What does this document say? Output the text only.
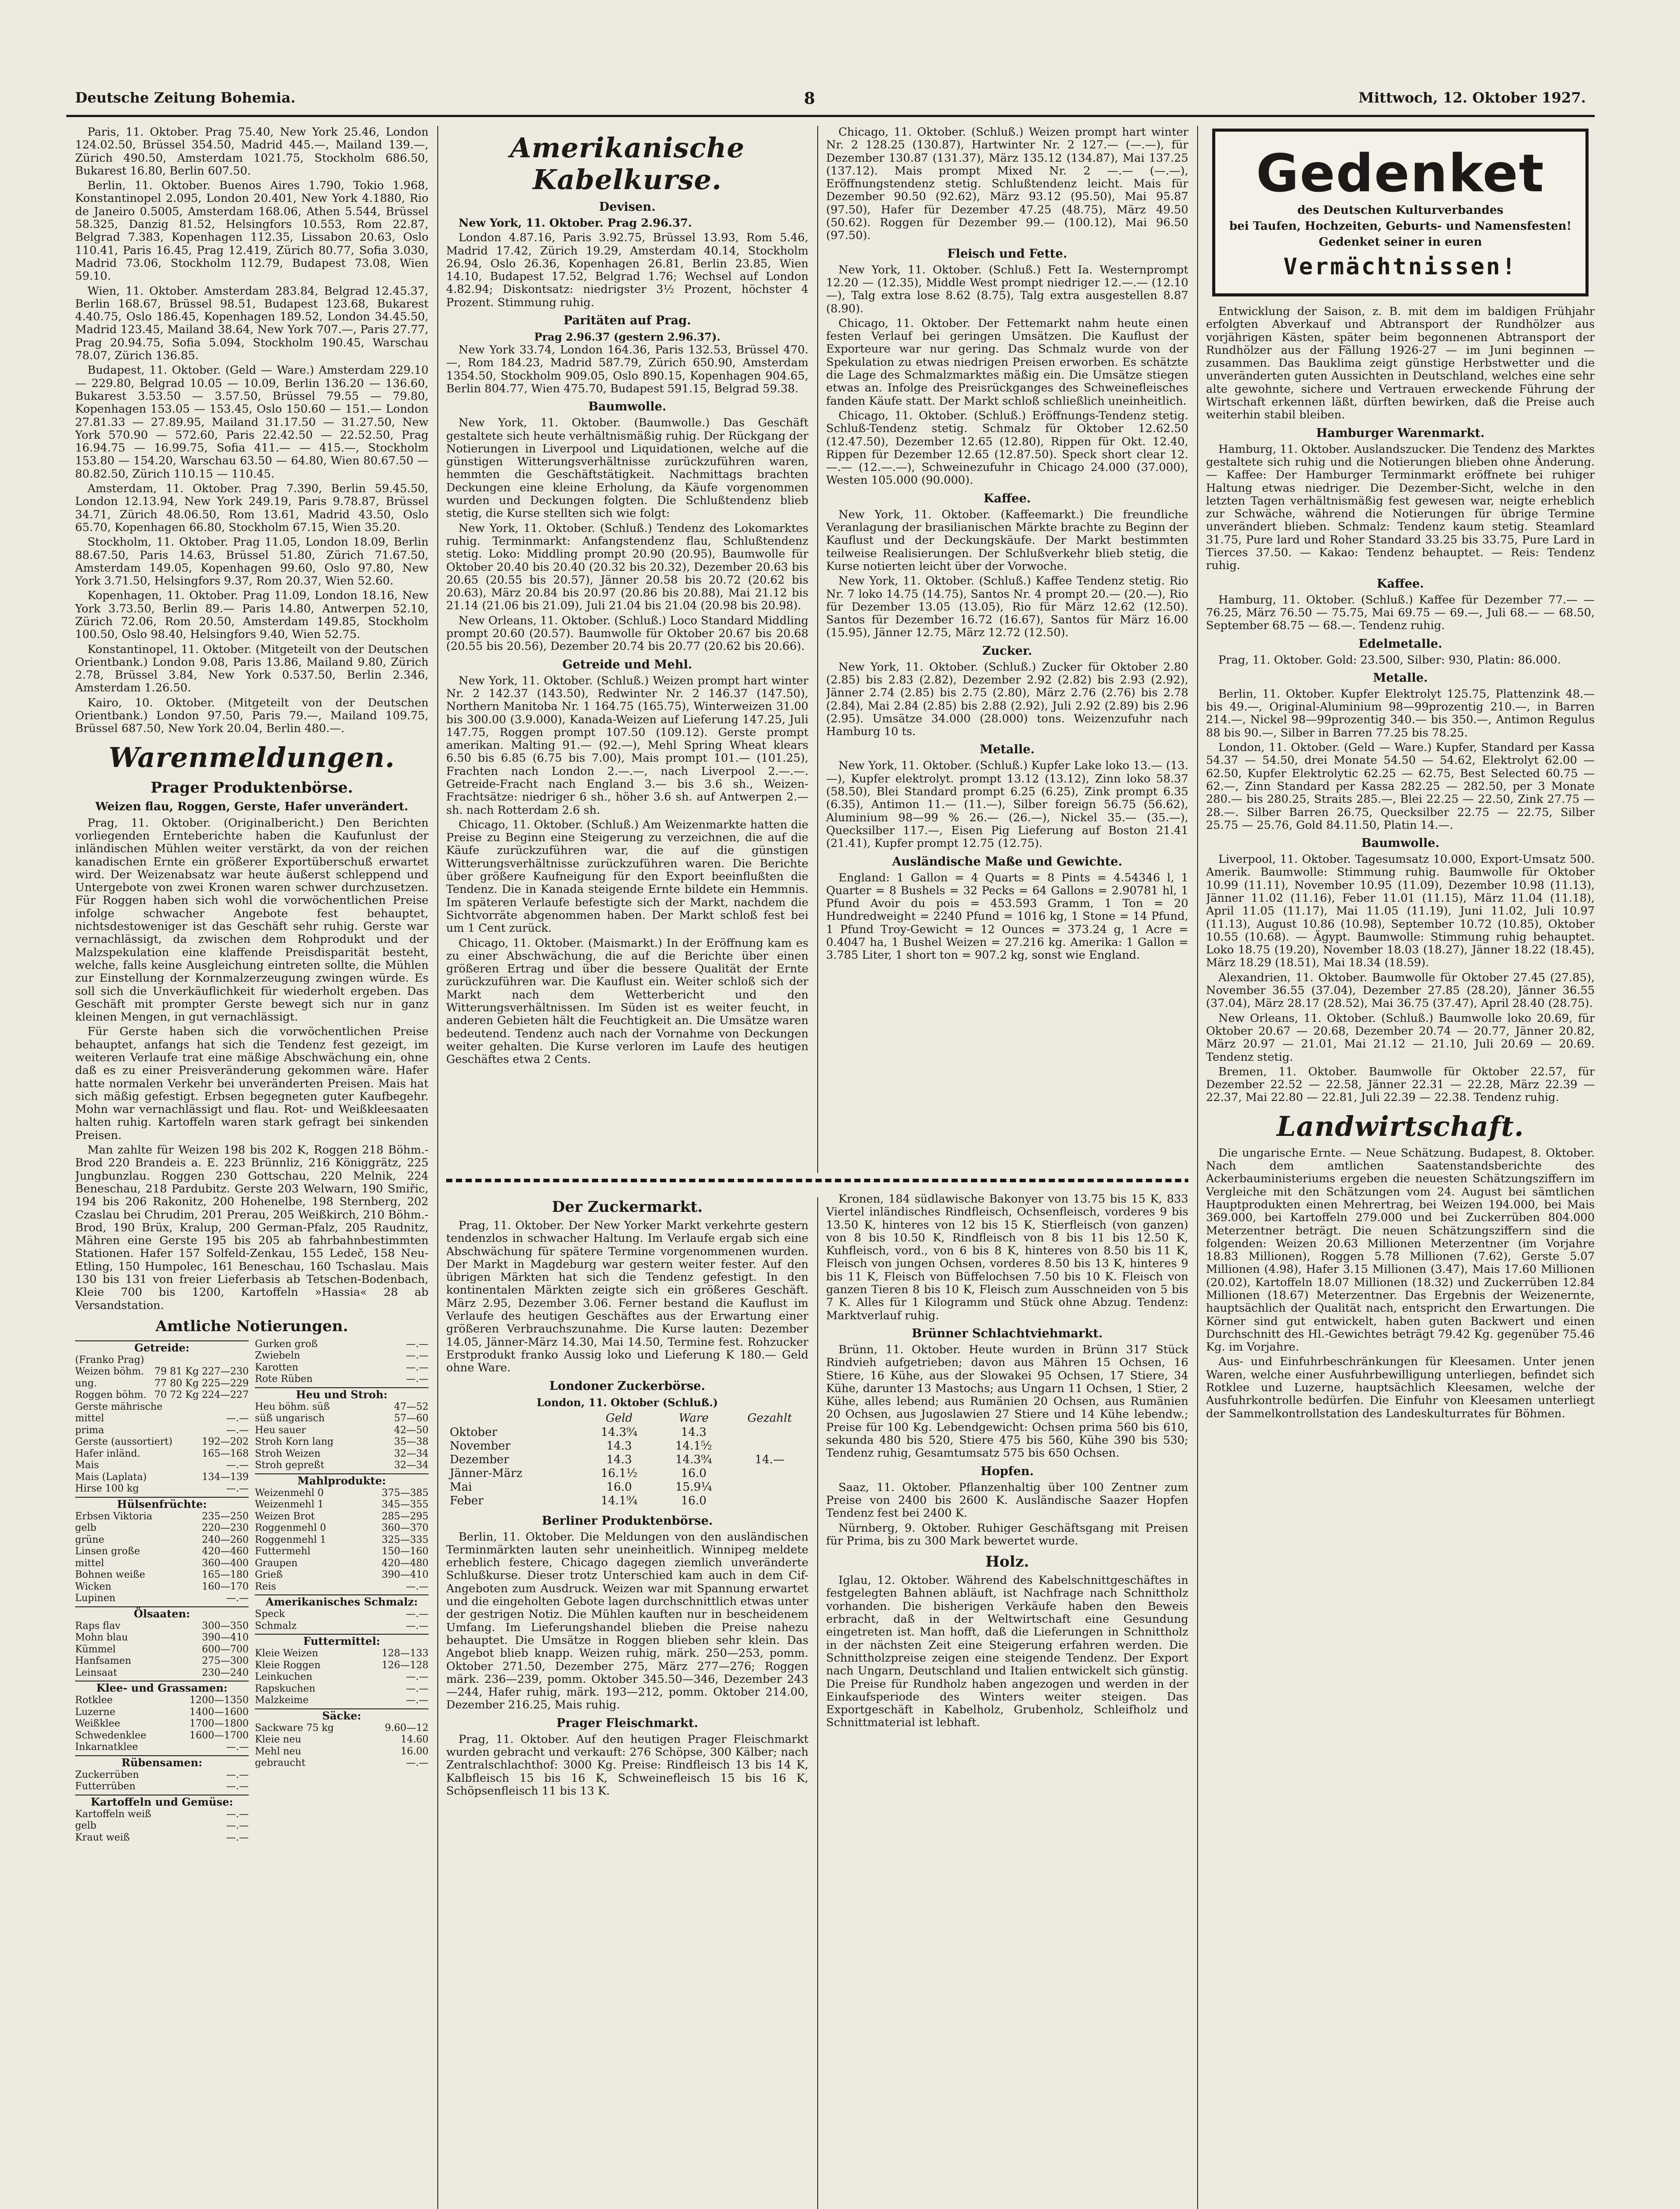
Deutsche Zeitung Bohemia.	8	Mittwoch, 12. Oktober 1927.

Paris, 11. Oktober. Prag 75.40, New York 25.46, London 124.02.50, Brüssel 354.50, Madrid 445.—, Mailand 139.—, Zürich 490.50, Amsterdam 1021.75, Stockholm 686.50, Bukarest 16.80, Berlin 607.50.

Berlin, 11. Oktober. Buenos Aires 1.790, Tokio 1.968, Konstantinopel 2.095, London 20.401, New York 4.1880, Rio de Janeiro 0.5005, Amsterdam 168.06, Athen 5.544, Brüssel 58.325, Danzig 81.52, Helsingfors 10.553, Rom 22.87, Belgrad 7.383, Kopenhagen 112.35, Lissabon 20.63, Oslo 110.41, Paris 16.45, Prag 12.419, Zürich 80.77, Sofia 3.030, Madrid 73.06, Stockholm 112.79, Budapest 73.08, Wien 59.10.

Wien, 11. Oktober. Amsterdam 283.84, Belgrad 12.45.37, Berlin 168.67, Brüssel 98.51, Budapest 123.68, Bukarest 4.40.75, Oslo 186.45, Kopenhagen 189.52, London 34.45.50, Madrid 123.45, Mailand 38.64, New York 707.—, Paris 27.77, Prag 20.94.75, Sofia 5.094, Stockholm 190.45, Warschau 78.07, Zürich 136.85.

Budapest, 11. Oktober. (Geld — Ware.) Amsterdam 229.10 — 229.80, Belgrad 10.05 — 10.09, Berlin 136.20 — 136.60, Bukarest 3.53.50 — 3.57.50, Brüssel 79.55 — 79.80, Kopenhagen 153.05 — 153.45, Oslo 150.60 — 151.— London 27.81.33 — 27.89.95, Mailand 31.17.50 — 31.27.50, New York 570.90 — 572.60, Paris 22.42.50 — 22.52.50, Prag 16.94.75 — 16.99.75, Sofia 411.— — 415.—, Stockholm 153.80 — 154.20, Warschau 63.50 — 64.80, Wien 80.67.50 — 80.82.50, Zürich 110.15 — 110.45.

Amsterdam, 11. Oktober. Prag 7.390, Berlin 59.45.50, London 12.13.94, New York 249.19, Paris 9.78.87, Brüssel 34.71, Zürich 48.06.50, Rom 13.61, Madrid 43.50, Oslo 65.70, Kopenhagen 66.80, Stockholm 67.15, Wien 35.20.

Stockholm, 11. Oktober. Prag 11.05, London 18.09, Berlin 88.67.50, Paris 14.63, Brüssel 51.80, Zürich 71.67.50, Amsterdam 149.05, Kopenhagen 99.60, Oslo 97.80, New York 3.71.50, Helsingfors 9.37, Rom 20.37, Wien 52.60.

Kopenhagen, 11. Oktober. Prag 11.09, London 18.16, New York 3.73.50, Berlin 89.— Paris 14.80, Antwerpen 52.10, Zürich 72.06, Rom 20.50, Amsterdam 149.85, Stockholm 100.50, Oslo 98.40, Helsingfors 9.40, Wien 52.75.

Konstantinopel, 11. Oktober. (Mitgeteilt von der Deutschen Orientbank.) London 9.08, Paris 13.86, Mailand 9.80, Zürich 2.78, Brüssel 3.84, New York 0.537.50, Berlin 2.346, Amsterdam 1.26.50.

Kairo, 10. Oktober. (Mitgeteilt von der Deutschen Orientbank.) London 97.50, Paris 79.—, Mailand 109.75, Brüssel 687.50, New York 20.04, Berlin 480.—.

Warenmeldungen.
Prager Produktenbörse.
Weizen flau, Roggen, Gerste, Hafer unverändert.

Prag, 11. Oktober. (Originalbericht.) Den Berichten vorliegenden Ernteberichte haben die Kaufunlust der inländischen Mühlen weiter verstärkt, da von der reichen kanadischen Ernte ein größerer Exportüberschuß erwartet wird. Der Weizenabsatz war heute äußerst schleppend und Untergebote von zwei Kronen waren schwer durchzusetzen. Für Roggen haben sich wohl die vorwöchentlichen Preise infolge schwacher Angebote fest behauptet, nichtsdestoweniger ist das Geschäft sehr ruhig. Gerste war vernachlässigt, da zwischen dem Rohprodukt und der Malzspekulation eine klaffende Preisdisparität besteht, welche, falls keine Ausgleichung eintreten sollte, die Mühlen zur Einstellung der Kornmalzerzeugung zwingen würde. Es soll sich die Unverkäuflichkeit für wiederholt ergeben. Das Geschäft mit prompter Gerste bewegt sich nur in ganz kleinen Mengen, in gut vernachlässigt.

Für Gerste haben sich die vorwöchentlichen Preise behauptet, anfangs hat sich die Tendenz fest gezeigt, im weiteren Verlaufe trat eine mäßige Abschwächung ein, ohne daß es zu einer Preisveränderung gekommen wäre. Hafer hatte normalen Verkehr bei unveränderten Preisen. Mais hat sich mäßig gefestigt. Erbsen begegneten guter Kaufbegehr. Mohn war vernachlässigt und flau. Rot- und Weißkleesaaten halten ruhig. Kartoffeln waren stark gefragt bei sinkenden Preisen.

Man zahlte für Weizen 198 bis 202 K, Roggen 218 Böhm.-Brod 220 Brandeis a. E. 223 Brünnliz, 216 Königgrätz, 225 Jungbunzlau. Roggen 230 Gottschau, 220 Melnik, 224 Beneschau, 218 Pardubitz. Gerste 203 Welwarn, 190 Smiřic, 194 bis 206 Rakonitz, 200 Hohenelbe, 198 Sternberg, 202 Czaslau bei Chrudim, 201 Prerau, 205 Weißkirch, 210 Böhm.-Brod, 190 Brüx, Kralup, 200 German-Pfalz, 205 Raudnitz, Mähren eine Gerste 195 bis 205 ab fahrbahnbestimmten Stationen. Hafer 157 Solfeld-Zenkau, 155 Ledeč, 158 Neu-Etling, 150 Humpolec, 161 Beneschau, 160 Tschaslau. Mais 130 bis 131 von freier Lieferbasis ab Tetschen-Bodenbach, Kleie 700 bis 1200, Kartoffeln »Hassia« 28 ab Versandstation.

Amtliche Notierungen.
Getreide:
(Franko Prag)
Weizen böhm. 79 81 Kg 227—230
ung.	77 80 Kg 225—229
Roggen böhm. 70 72 Kg 224—227
Gerste mährische
mittel	—.—
prima	—.—
Gerste (aussortiert)	192—202
Hafer inländ.	165—168
Mais	—.—
Mais (Laplata)	134—139
Hirse 100 kg	—.—
Hülsenfrüchte:
Erbsen Viktoria	235—250
gelb	220—230
grüne	240—260
Linsen große	420—460
mittel	360—400
Bohnen weiße	165—180
Wicken	160—170
Lupinen	—.—
Ölsaaten:
Raps flav	300—350
Mohn blau	390—410
Kümmel	600—700
Hanfsamen	275—300
Leinsaat	230—240
Klee- und Grassamen:
Rotklee	1200—1350
Luzerne	1400—1600
Weißklee	1700—1800
Schwedenklee	1600—1700
Inkarnatklee	—.—
Rübensamen:
Zuckerrüben	—.—
Futterrüben	—.—
Kartoffeln und Gemüse:
Kartoffeln weiß	—.—
gelb	—.—
Kraut weiß	—.—
Gurken groß	—.—
Zwiebeln	—.—
Karotten	—.—
Rote Rüben	—.—
Heu und Stroh:
Heu böhm. süß	47—52
süß ungarisch	57—60
Heu sauer	42—50
Stroh Korn lang	35—38
Stroh Weizen	32—34
Stroh gepreßt	32—34
Mahlprodukte:
Weizenmehl 0	375—385
Weizenmehl 1	345—355
Weizen Brot	285—295
Roggenmehl 0	360—370
Roggenmehl 1	325—335
Futtermehl	150—160
Graupen	420—480
Grieß	390—410
Reis	—.—
Amerikanisches Schmalz:
Speck	—.—
Schmalz	—.—
Futtermittel:
Kleie Weizen	128—133
Kleie Roggen	126—128
Leinkuchen	—.—
Rapskuchen	—.—
Malzkeime	—.—
Säcke:
Sackware 75 kg	9.60—12
Kleie neu	14.60
Mehl neu	16.00
gebraucht	—.—
Amerikanische Kabelkurse.
Devisen.

New York, 11. Oktober. Prag 2.96.37.

London 4.87.16, Paris 3.92.75, Brüssel 13.93, Rom 5.46, Madrid 17.42, Zürich 19.29, Amsterdam 40.14, Stockholm 26.94, Oslo 26.36, Kopenhagen 26.81, Berlin 23.85, Wien 14.10, Budapest 17.52, Belgrad 1.76; Wechsel auf London 4.82.94; Diskontsatz: niedrigster 3½ Prozent, höchster 4 Prozent. Stimmung ruhig.

Paritäten auf Prag.
Prag 2.96.37 (gestern 2.96.37).

New York 33.74, London 164.36, Paris 132.53, Brüssel 470.—, Rom 184.23, Madrid 587.79, Zürich 650.90, Amsterdam 1354.50, Stockholm 909.05, Oslo 890.15, Kopenhagen 904.65, Berlin 804.77, Wien 475.70, Budapest 591.15, Belgrad 59.38.

Baumwolle.

New York, 11. Oktober. (Baumwolle.) Das Geschäft gestaltete sich heute verhältnismäßig ruhig. Der Rückgang der Notierungen in Liverpool und Liquidationen, welche auf die günstigen Witterungsverhältnisse zurückzuführen waren, hemmten die Geschäftstätigkeit. Nachmittags brachten Deckungen eine kleine Erholung, da Käufe vorgenommen wurden und Deckungen folgten. Die Schlußtendenz blieb stetig, die Kurse stellten sich wie folgt:

New York, 11. Oktober. (Schluß.) Tendenz des Lokomarktes ruhig. Terminmarkt: Anfangstendenz flau, Schlußtendenz stetig. Loko: Middling prompt 20.90 (20.95), Baumwolle für Oktober 20.40 bis 20.40 (20.32 bis 20.32), Dezember 20.63 bis 20.65 (20.55 bis 20.57), Jänner 20.58 bis 20.72 (20.62 bis 20.63), März 20.84 bis 20.97 (20.86 bis 20.88), Mai 21.12 bis 21.14 (21.06 bis 21.09), Juli 21.04 bis 21.04 (20.98 bis 20.98).

New Orleans, 11. Oktober. (Schluß.) Loco Standard Middling prompt 20.60 (20.57). Baumwolle für Oktober 20.67 bis 20.68 (20.55 bis 20.56), Dezember 20.74 bis 20.77 (20.62 bis 20.66).

Getreide und Mehl.

New York, 11. Oktober. (Schluß.) Weizen prompt hart winter Nr. 2 142.37 (143.50), Redwinter Nr. 2 146.37 (147.50), Northern Manitoba Nr. 1 164.75 (165.75), Winterweizen 31.00 bis 300.00 (3.9.000), Kanada-Weizen auf Lieferung 147.25, Juli 147.75, Roggen prompt 107.50 (109.12). Gerste prompt amerikan. Malting 91.— (92.—), Mehl Spring Wheat klears 6.50 bis 6.85 (6.75 bis 7.00), Mais prompt 101.— (101.25), Frachten nach London 2.—.—, nach Liverpool 2.—.—. Getreide-Fracht nach England 3.— bis 3.6 sh., Weizen-Frachtsätze: niedriger 6 sh., höher 3.6 sh. auf Antwerpen 2.— sh. nach Rotterdam 2.6 sh.

Chicago, 11. Oktober. (Schluß.) Am Weizenmarkte hatten die Preise zu Beginn eine Steigerung zu verzeichnen, die auf die Käufe zurückzuführen war, die auf die günstigen Witterungsverhältnisse zurückzuführen waren. Die Berichte über größere Kaufneigung für den Export beeinflußten die Tendenz. Die in Kanada steigende Ernte bildete ein Hemmnis. Im späteren Verlaufe befestigte sich der Markt, nachdem die Sichtvorräte abgenommen haben. Der Markt schloß fest bei um 1 Cent zurück.

Chicago, 11. Oktober. (Maismarkt.) In der Eröffnung kam es zu einer Abschwächung, die auf die Berichte über einen größeren Ertrag und über die bessere Qualität der Ernte zurückzuführen war. Die Kauflust ein. Weiter schloß sich der Markt nach dem Wetterbericht und den Witterungsverhältnissen. Im Süden ist es weiter feucht, in anderen Gebieten hält die Feuchtigkeit an. Die Umsätze waren bedeutend. Tendenz auch nach der Vornahme von Deckungen weiter gehalten. Die Kurse verloren im Laufe des heutigen Geschäftes etwa 2 Cents.

Chicago, 11. Oktober. (Schluß.) Weizen prompt hart winter Nr. 2 128.25 (130.87), Hartwinter Nr. 2 127.— (—.—), für Dezember 130.87 (131.37), März 135.12 (134.87), Mai 137.25 (137.12). Mais prompt Mixed Nr. 2 —.— (—.—), Eröffnungstendenz stetig. Schlußtendenz leicht. Mais für Dezember 90.50 (92.62), März 93.12 (95.50), Mai 95.87 (97.50), Hafer für Dezember 47.25 (48.75), März 49.50 (50.62). Roggen für Dezember 99.— (100.12), Mai 96.50 (97.50).

Fleisch und Fette.

New York, 11. Oktober. (Schluß.) Fett Ia. Westernprompt 12.20 — (12.35), Middle West prompt niedriger 12.—.— (12.10—), Talg extra lose 8.62 (8.75), Talg extra ausgestellen 8.87 (8.90).

Chicago, 11. Oktober. Der Fettemarkt nahm heute einen festen Verlauf bei geringen Umsätzen. Die Kauflust der Exporteure war nur gering. Das Schmalz wurde von der Spekulation zu etwas niedrigen Preisen erworben. Es schätzte die Lage des Schmalzmarktes mäßig ein. Die Umsätze stiegen etwas an. Infolge des Preisrückganges des Schweinefleisches fanden Käufe statt. Der Markt schloß schließlich uneinheitlich.

Chicago, 11. Oktober. (Schluß.) Eröffnungs-Tendenz stetig. Schluß-Tendenz stetig. Schmalz für Oktober 12.62.50 (12.47.50), Dezember 12.65 (12.80), Rippen für Okt. 12.40, Rippen für Dezember 12.65 (12.87.50). Speck short clear 12.—.— (12.—.—), Schweinezufuhr in Chicago 24.000 (37.000), Westen 105.000 (90.000).

Kaffee.

New York, 11. Oktober. (Kaffeemarkt.) Die freundliche Veranlagung der brasilianischen Märkte brachte zu Beginn der Kauflust und der Deckungskäufe. Der Markt bestimmten teilweise Realisierungen. Der Schlußverkehr blieb stetig, die Kurse notierten leicht über der Vorwoche.

New York, 11. Oktober. (Schluß.) Kaffee Tendenz stetig. Rio Nr. 7 loko 14.75 (14.75), Santos Nr. 4 prompt 20.— (20.—), Rio für Dezember 13.05 (13.05), Rio für März 12.62 (12.50). Santos für Dezember 16.72 (16.67), Santos für März 16.00 (15.95), Jänner 12.75, März 12.72 (12.50).

Zucker.

New York, 11. Oktober. (Schluß.) Zucker für Oktober 2.80 (2.85) bis 2.83 (2.82), Dezember 2.92 (2.82) bis 2.93 (2.92), Jänner 2.74 (2.85) bis 2.75 (2.80), März 2.76 (2.76) bis 2.78 (2.84), Mai 2.84 (2.85) bis 2.88 (2.92), Juli 2.92 (2.89) bis 2.96 (2.95). Umsätze 34.000 (28.000) tons. Weizenzufuhr nach Hamburg 10 ts.

Metalle.

New York, 11. Oktober. (Schluß.) Kupfer Lake loko 13.— (13.—), Kupfer elektrolyt. prompt 13.12 (13.12), Zinn loko 58.37 (58.50), Blei Standard prompt 6.25 (6.25), Zink prompt 6.35 (6.35), Antimon 11.— (11.—), Silber foreign 56.75 (56.62), Aluminium 98—99 % 26.— (26.—), Nickel 35.— (35.—), Quecksilber 117.—, Eisen Pig Lieferung auf Boston 21.41 (21.41), Kupfer prompt 12.75 (12.75).

Ausländische Maße und Gewichte.

England: 1 Gallon = 4 Quarts = 8 Pints = 4.54346 l, 1 Quarter = 8 Bushels = 32 Pecks = 64 Gallons = 2.90781 hl, 1 Pfund Avoir du pois = 453.593 Gramm, 1 Ton = 20 Hundredweight = 2240 Pfund = 1016 kg, 1 Stone = 14 Pfund, 1 Pfund Troy-Gewicht = 12 Ounces = 373.24 g, 1 Acre = 0.4047 ha, 1 Bushel Weizen = 27.216 kg. Amerika: 1 Gallon = 3.785 Liter, 1 short ton = 907.2 kg, sonst wie England.

Der Zuckermarkt.

Prag, 11. Oktober. Der New Yorker Markt verkehrte gestern tendenzlos in schwacher Haltung. Im Verlaufe ergab sich eine Abschwächung für spätere Termine vorgenommenen wurden. Der Markt in Magdeburg war gestern weiter fester. Auf den übrigen Märkten hat sich die Tendenz gefestigt. In den kontinentalen Märkten zeigte sich ein größeres Geschäft. März 2.95, Dezember 3.06. Ferner bestand die Kauflust im Verlaufe des heutigen Geschäftes aus der Erwartung einer größeren Verbrauchszunahme. Die Kurse lauten: Dezember 14.05, Jänner-März 14.30, Mai 14.50, Termine fest. Rohzucker Erstprodukt franko Aussig loko und Lieferung K 180.— Geld ohne Ware.

Londoner Zuckerbörse.
London, 11. Oktober (Schluß.)
	Geld	Ware	Gezahlt
Oktober	14.3⁹⁄₄	14.3	
November	14.3	14.1⁵⁄₂	
Dezember	14.3	14.3⁹⁄₄	14.—
Jänner-März	16.1¹⁄₂	16.0	
Mai	16.0	15.9¹⁄₄	
Feber	14.1⁹⁄₄	16.0	
Berliner Produktenbörse.

Berlin, 11. Oktober. Die Meldungen von den ausländischen Terminmärkten lauten sehr uneinheitlich. Winnipeg meldete erheblich festere, Chicago dagegen ziemlich unveränderte Schlußkurse. Dieser trotz Unterschied kam auch in dem Cif-Angeboten zum Ausdruck. Weizen war mit Spannung erwartet und die eingeholten Gebote lagen durchschnittlich etwas unter der gestrigen Notiz. Die Mühlen kauften nur in bescheidenem Umfang. Im Lieferungshandel blieben die Preise nahezu behauptet. Die Umsätze in Roggen blieben sehr klein. Das Angebot blieb knapp. Weizen ruhig, märk. 250—253, pomm. Oktober 271.50, Dezember 275, März 277—276; Roggen märk. 236—239, pomm. Oktober 345.50—346, Dezember 243—244, Hafer ruhig, märk. 193—212, pomm. Oktober 214.00, Dezember 216.25, Mais ruhig.

Prager Fleischmarkt.

Prag, 11. Oktober. Auf den heutigen Prager Fleischmarkt wurden gebracht und verkauft: 276 Schöpse, 300 Kälber; nach Zentralschlachthof: 3000 Kg. Preise: Rindfleisch 13 bis 14 K, Kalbfleisch 15 bis 16 K, Schweinefleisch 15 bis 16 K, Schöpsenfleisch 11 bis 13 K.

Kronen, 184 südlawische Bakonyer von 13.75 bis 15 K, 833 Viertel inländisches Rindfleisch, Ochsenfleisch, vorderes 9 bis 13.50 K, hinteres von 12 bis 15 K, Stierfleisch (von ganzen) von 8 bis 10.50 K, Rindfleisch von 8 bis 11 bis 12.50 K, Kuhfleisch, vord., von 6 bis 8 K, hinteres von 8.50 bis 11 K, Fleisch von jungen Ochsen, vorderes 8.50 bis 13 K, hinteres 9 bis 11 K, Fleisch von Büffelochsen 7.50 bis 10 K. Fleisch von ganzen Tieren 8 bis 10 K, Fleisch zum Ausschneiden von 5 bis 7 K. Alles für 1 Kilogramm und Stück ohne Abzug. Tendenz: Marktverlauf ruhig.

Brünner Schlachtviehmarkt.

Brünn, 11. Oktober. Heute wurden in Brünn 317 Stück Rindvieh aufgetrieben; davon aus Mähren 15 Ochsen, 16 Stiere, 16 Kühe, aus der Slowakei 95 Ochsen, 17 Stiere, 34 Kühe, darunter 13 Mastochs; aus Ungarn 11 Ochsen, 1 Stier, 2 Kühe, alles lebend; aus Rumänien 20 Ochsen, aus Rumänien 20 Ochsen, aus Jugoslawien 27 Stiere und 14 Kühe lebendw.; Preise für 100 Kg. Lebendgewicht: Ochsen prima 560 bis 610, sekunda 480 bis 520, Stiere 475 bis 560, Kühe 390 bis 530; Tendenz ruhig, Gesamtumsatz 575 bis 650 Ochsen.

Hopfen.

Saaz, 11. Oktober. Pflanzenhaltig über 100 Zentner zum Preise von 2400 bis 2600 K. Ausländische Saazer Hopfen Tendenz fest bei 2400 K.

Nürnberg, 9. Oktober. Ruhiger Geschäftsgang mit Preisen für Prima, bis zu 300 Mark bewertet wurde.

Holz.

Iglau, 12. Oktober. Während des Kabelschnittgeschäftes in festgelegten Bahnen abläuft, ist Nachfrage nach Schnittholz vorhanden. Die bisherigen Verkäufe haben den Beweis erbracht, daß in der Weltwirtschaft eine Gesundung eingetreten ist. Man hofft, daß die Lieferungen in Schnittholz in der nächsten Zeit eine Steigerung erfahren werden. Die Schnittholzpreise zeigen eine steigende Tendenz. Der Export nach Ungarn, Deutschland und Italien entwickelt sich günstig. Die Preise für Rundholz haben angezogen und werden in der Einkaufsperiode des Winters weiter steigen. Das Exportgeschäft in Kabelholz, Grubenholz, Schleifholz und Schnittmaterial ist lebhaft.

Gedenket
des Deutschen Kulturverbandes
bei Taufen, Hochzeiten, Geburts- und Namensfesten!
Gedenket seiner in euren
Vermächtnissen!

Entwicklung der Saison, z. B. mit dem im baldigen Frühjahr erfolgten Abverkauf und Abtransport der Rundhölzer aus vorjährigen Kästen, später beim begonnenen Abtransport der Rundhölzer aus der Fällung 1926-27 — im Juni beginnen — zusammen. Das Bauklima zeigt günstige Herbstwetter und die unveränderten guten Aussichten in Deutschland, welches eine sehr alte gewohnte, sichere und Vertrauen erweckende Führung der Wirtschaft erkennen läßt, dürften bewirken, daß die Preise auch weiterhin stabil bleiben.

Hamburger Warenmarkt.

Hamburg, 11. Oktober. Auslandszucker. Die Tendenz des Marktes gestaltete sich ruhig und die Notierungen blieben ohne Änderung. — Kaffee: Der Hamburger Terminmarkt eröffnete bei ruhiger Haltung etwas niedriger. Die Dezember-Sicht, welche in den letzten Tagen verhältnismäßig fest gewesen war, neigte erheblich zur Schwäche, während die Notierungen für übrige Termine unverändert blieben. Schmalz: Tendenz kaum stetig. Steamlard 31.75, Pure lard und Roher Standard 33.25 bis 33.75, Pure Lard in Tierces 37.50. — Kakao: Tendenz behauptet. — Reis: Tendenz ruhig.

Kaffee.

Hamburg, 11. Oktober. (Schluß.) Kaffee für Dezember 77.— — 76.25, März 76.50 — 75.75, Mai 69.75 — 69.—, Juli 68.— — 68.50, September 68.75 — 68.—. Tendenz ruhig.

Edelmetalle.

Prag, 11. Oktober. Gold: 23.500, Silber: 930, Platin: 86.000.

Metalle.

Berlin, 11. Oktober. Kupfer Elektrolyt 125.75, Plattenzink 48.— bis 49.—, Original-Aluminium 98—99prozentig 210.—, in Barren 214.—, Nickel 98—99prozentig 340.— bis 350.—, Antimon Regulus 88 bis 90.—, Silber in Barren 77.25 bis 78.25.

London, 11. Oktober. (Geld — Ware.) Kupfer, Standard per Kassa 54.37 — 54.50, drei Monate 54.50 — 54.62, Elektrolyt 62.00 — 62.50, Kupfer Elektrolytic 62.25 — 62.75, Best Selected 60.75 — 62.—, Zinn Standard per Kassa 282.25 — 282.50, per 3 Monate 280.— bis 280.25, Straits 285.—, Blei 22.25 — 22.50, Zink 27.75 — 28.—. Silber Barren 26.75, Quecksilber 22.75 — 22.75, Silber 25.75 — 25.76, Gold 84.11.50, Platin 14.—.

Baumwolle.

Liverpool, 11. Oktober. Tagesumsatz 10.000, Export-Umsatz 500. Amerik. Baumwolle: Stimmung ruhig. Baumwolle für Oktober 10.99 (11.11), November 10.95 (11.09), Dezember 10.98 (11.13), Jänner 11.02 (11.16), Feber 11.01 (11.15), März 11.04 (11.18), April 11.05 (11.17), Mai 11.05 (11.19), Juni 11.02, Juli 10.97 (11.13), August 10.86 (10.98), September 10.72 (10.85), Oktober 10.55 (10.68). — Ägypt. Baumwolle: Stimmung ruhig behauptet. Loko 18.75 (19.20), November 18.03 (18.27), Jänner 18.22 (18.45), März 18.29 (18.51), Mai 18.34 (18.59).

Alexandrien, 11. Oktober. Baumwolle für Oktober 27.45 (27.85), November 36.55 (37.04), Dezember 27.85 (28.20), Jänner 36.55 (37.04), März 28.17 (28.52), Mai 36.75 (37.47), April 28.40 (28.75).

New Orleans, 11. Oktober. (Schluß.) Baumwolle loko 20.69, für Oktober 20.67 — 20.68, Dezember 20.74 — 20.77, Jänner 20.82, März 20.97 — 21.01, Mai 21.12 — 21.10, Juli 20.69 — 20.69. Tendenz stetig.

Bremen, 11. Oktober. Baumwolle für Oktober 22.57, für Dezember 22.52 — 22.58, Jänner 22.31 — 22.28, März 22.39 — 22.37, Mai 22.80 — 22.81, Juli 22.39 — 22.38. Tendenz ruhig.

Landwirtschaft.

Die ungarische Ernte. — Neue Schätzung. Budapest, 8. Oktober. Nach dem amtlichen Saatenstandsberichte des Ackerbauministeriums ergeben die neuesten Schätzungsziffern im Vergleiche mit den Schätzungen vom 24. August bei sämtlichen Hauptprodukten einen Mehrertrag, bei Weizen 194.000, bei Mais 369.000, bei Kartoffeln 279.000 und bei Zuckerrüben 804.000 Meterzentner beträgt. Die neuen Schätzungsziffern sind die folgenden: Weizen 20.63 Millionen Meterzentner (im Vorjahre 18.83 Millionen), Roggen 5.78 Millionen (7.62), Gerste 5.07 Millionen (4.98), Hafer 3.15 Millionen (3.47), Mais 17.60 Millionen (20.02), Kartoffeln 18.07 Millionen (18.32) und Zuckerrüben 12.84 Millionen (18.67) Meterzentner. Das Ergebnis der Weizenernte, hauptsächlich der Qualität nach, entspricht den Erwartungen. Die Körner sind gut entwickelt, haben guten Backwert und einen Durchschnitt des Hl.-Gewichtes beträgt 79.42 Kg. gegenüber 75.46 Kg. im Vorjahre.

Aus- und Einfuhrbeschränkungen für Kleesamen. Unter jenen Waren, welche einer Ausfuhrbewilligung unterliegen, befindet sich Rotklee und Luzerne, hauptsächlich Kleesamen, welche der Ausfuhrkontrolle bedürfen. Die Einfuhr von Kleesamen unterliegt der Sammelkontrollstation des Landeskulturrates für Böhmen.
